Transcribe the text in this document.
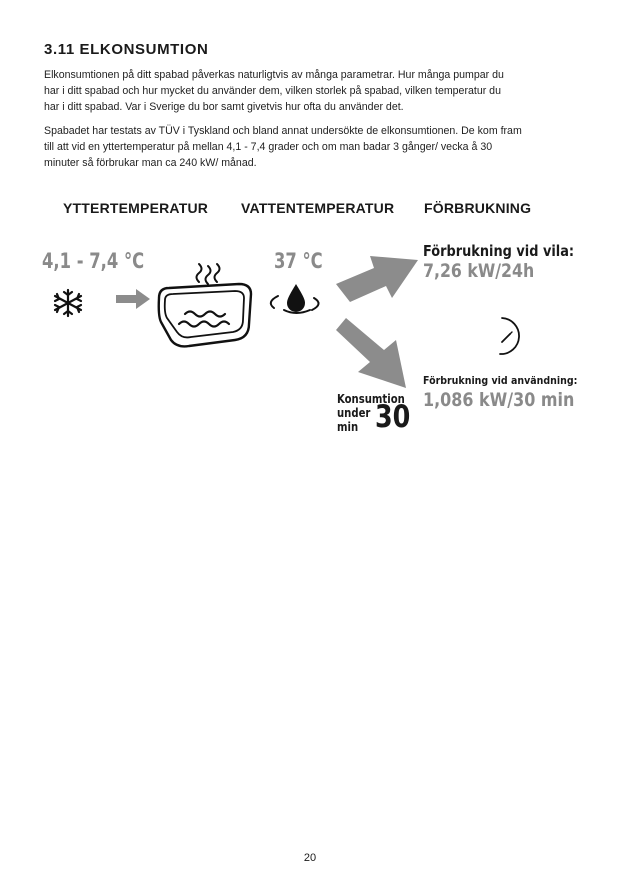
3.11 ELKONSUMTION

Elkonsumtionen på ditt spabad påverkas naturligtvis av många parametrar. Hur många pumpar du
har i ditt spabad och hur mycket du använder dem, vilken storlek på spabad, vilken temperatur du
har i ditt spabad. Var i Sverige du bor samt givetvis hur ofta du använder det.

Spabadet har testats av TÜV i Tyskland och bland annat undersökte de elkonsumtionen. De kom fram
till att vid en yttertemperatur på mellan 4,1 - 7,4 grader och om man badar 3 gånger/ vecka å 30
minuter så förbrukar man ca 240 kW/ månad.

YTTERTEMPERATUR VATTENTEMPERATUR FÖRBRUKNING
4,1 - 7,4 °C	37 °C	Förbrukning vid vila:
7,26 kW/24h
Förbrukning vid användning:
1,086 kW/30 min
Konsumtion
under
min 30

20
